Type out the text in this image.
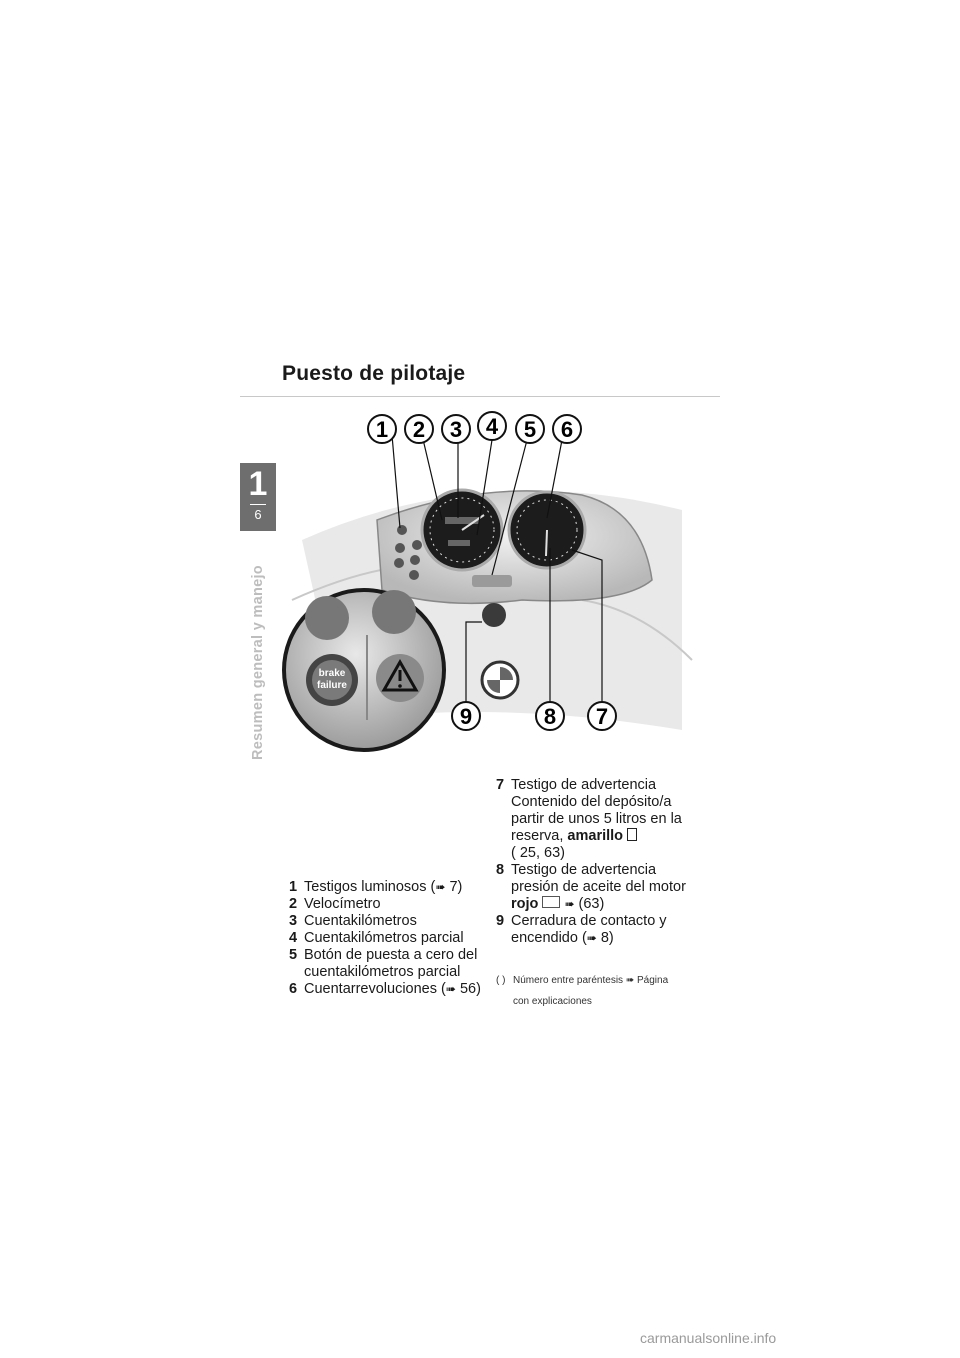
Puesto de pilotaje
1
6
Resumen general y manejo	brake
failure
1 2 3 4 5 6
9	8 7
1 Testigos luminosos (➠ 7)
2 Velocímetro
3 Cuentakilómetros
4 Cuentakilómetros parcial
5 Botón de puesta a cero del cuentakilómetros parcial
6 Cuentarrevoluciones (➠ 56)
7 Testigo de advertencia
Contenido del depósito/a partir de unos 5 litros en la reserva, amarillo
( 25, 63)
8 Testigo de advertencia
presión de aceite del motor
rojo ➠ (63)
9 Cerradura de contacto y
encendido (➠ 8)
( ) Número entre paréntesis ➠ Página
con explicaciones
carmanualsonline.info
